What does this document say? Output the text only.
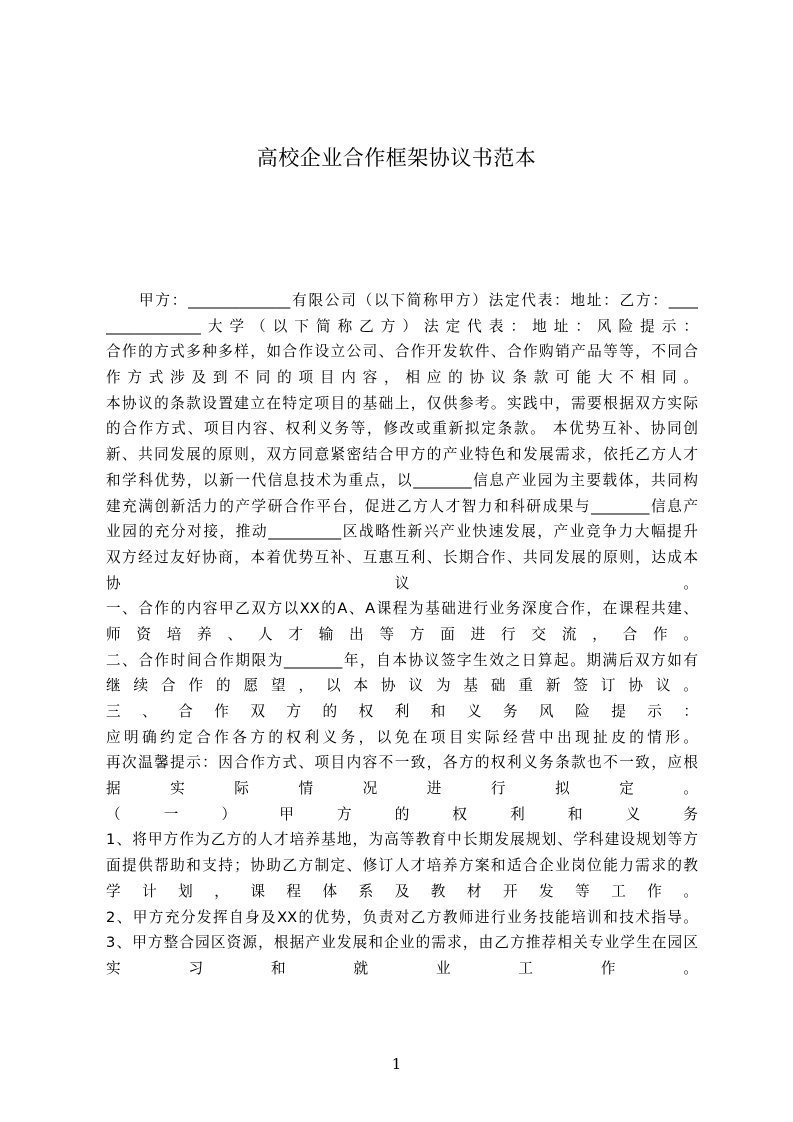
高校企业合作框架协议书范本
甲方：______________有限公司（以下简称甲方）法定代表：地址：乙方：____
_____________大学（以下简称乙方）法定代表：地址：风险提示：
合作的方式多种多样，如合作设立公司、合作开发软件、合作购销产品等等，不同合
作方式涉及到不同的项目内容，相应的协议条款可能大不相同。
本协议的条款设置建立在特定项目的基础上，仅供参考。实践中，需要根据双方实际
的合作方式、项目内容、权利义务等，修改或重新拟定条款。 本优势互补、协同创
新、共同发展的原则，双方同意紧密结合甲方的产业特色和发展需求，依托乙方人才
和学科优势，以新一代信息技术为重点，以________信息产业园为主要载体，共同构
建充满创新活力的产学研合作平台，促进乙方人才智力和科研成果与________信息产
业园的充分对接，推动__________区战略性新兴产业快速发展，产业竞争力大幅提升
双方经过友好协商，本着优势互补、互惠互利、长期合作、共同发展的原则，达成本
协议。
一、合作的内容甲乙双方以XX的A、A课程为基础进行业务深度合作，在课程共建、
师资培养、人才输出等方面进行交流，合作。
二、合作时间合作期限为________年，自本协议签字生效之日算起。期满后双方如有
继续合作的愿望，以本协议为基础重新签订协议。
三、合作双方的权利和义务风险提示：
应明确约定合作各方的权利义务，以免在项目实际经营中出现扯皮的情形。
再次温馨提示：因合作方式、项目内容不一致，各方的权利义务条款也不一致，应根
据实际情况进行拟定。
（一）甲方的权利和义务
1、将甲方作为乙方的人才培养基地，为高等教育中长期发展规划、学科建设规划等方
面提供帮助和支持；协助乙方制定、修订人才培养方案和适合企业岗位能力需求的教
学计划，课程体系及教材开发等工作。
2、甲方充分发挥自身及XX的优势，负责对乙方教师进行业务技能培训和技术指导。
3、甲方整合园区资源，根据产业发展和企业的需求，由乙方推荐相关专业学生在园区
实习和就业工作。
1
